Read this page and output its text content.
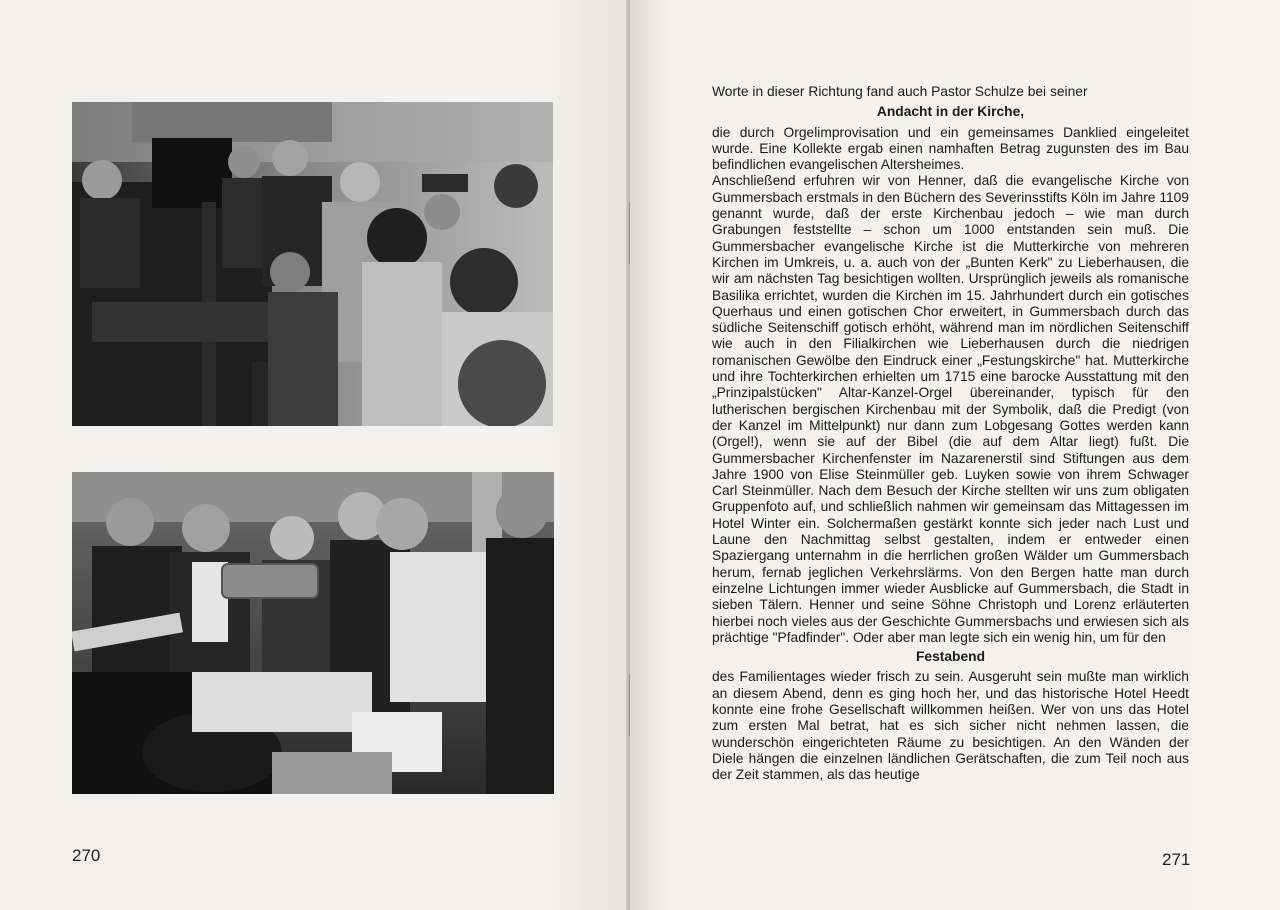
270

Worte in dieser Richtung fand auch Pastor Schulze bei seiner

Andacht in der Kirche,

die durch Orgelimprovisation und ein gemeinsames Danklied eingeleitet wurde. Eine Kollekte ergab einen namhaften Betrag zugunsten des im Bau befindlichen evangelischen Altersheimes.

Anschließend erfuhren wir von Henner, daß die evangelische Kirche von Gummersbach erstmals in den Büchern des Severinsstifts Köln im Jahre 1109 genannt wurde, daß der erste Kirchenbau jedoch – wie man durch Grabungen feststellte – schon um 1000 entstanden sein muß. Die Gummersbacher evangelische Kirche ist die Mutterkirche von mehreren Kirchen im Umkreis, u. a. auch von der „Bunten Kerk" zu Lieberhausen, die wir am nächsten Tag besichtigen wollten. Ursprünglich jeweils als romanische Basilika errichtet, wurden die Kirchen im 15. Jahrhundert durch ein gotisches Querhaus und einen gotischen Chor erweitert, in Gummersbach durch das südliche Seitenschiff gotisch erhöht, während man im nördlichen Seitenschiff wie auch in den Filialkirchen wie Lieberhausen durch die niedrigen romanischen Gewölbe den Eindruck einer „Festungskirche" hat. Mutterkirche und ihre Tochterkirchen erhielten um 1715 eine barocke Ausstattung mit den „Prinzipalstücken" Altar-Kanzel-Orgel übereinander, typisch für den lutherischen bergischen Kirchenbau mit der Symbolik, daß die Predigt (von der Kanzel im Mittelpunkt) nur dann zum Lobgesang Gottes werden kann (Orgel!), wenn sie auf der Bibel (die auf dem Altar liegt) fußt. Die Gummersbacher Kirchenfenster im Nazarenerstil sind Stiftungen aus dem Jahre 1900 von Elise Steinmüller geb. Luyken sowie von ihrem Schwager Carl Steinmüller. Nach dem Besuch der Kirche stellten wir uns zum obligaten Gruppenfoto auf, und schließlich nahmen wir gemeinsam das Mittagessen im Hotel Winter ein. Solchermaßen gestärkt konnte sich jeder nach Lust und Laune den Nachmittag selbst gestalten, indem er entweder einen Spaziergang unternahm in die herrlichen großen Wälder um Gummersbach herum, fernab jeglichen Verkehrslärms. Von den Bergen hatte man durch einzelne Lichtungen immer wieder Ausblicke auf Gummersbach, die Stadt in sieben Tälern. Henner und seine Söhne Christoph und Lorenz erläuterten hierbei noch vieles aus der Geschichte Gummersbachs und erwiesen sich als prächtige "Pfadfinder". Oder aber man legte sich ein wenig hin, um für den

Festabend

des Familientages wieder frisch zu sein. Ausgeruht sein mußte man wirklich an diesem Abend, denn es ging hoch her, und das historische Hotel Heedt konnte eine frohe Gesellschaft willkommen heißen. Wer von uns das Hotel zum ersten Mal betrat, hat es sich sicher nicht nehmen lassen, die wunderschön eingerichteten Räume zu besichtigen. An den Wänden der Diele hängen die einzelnen ländlichen Gerätschaften, die zum Teil noch aus der Zeit stammen, als das heutige

271
